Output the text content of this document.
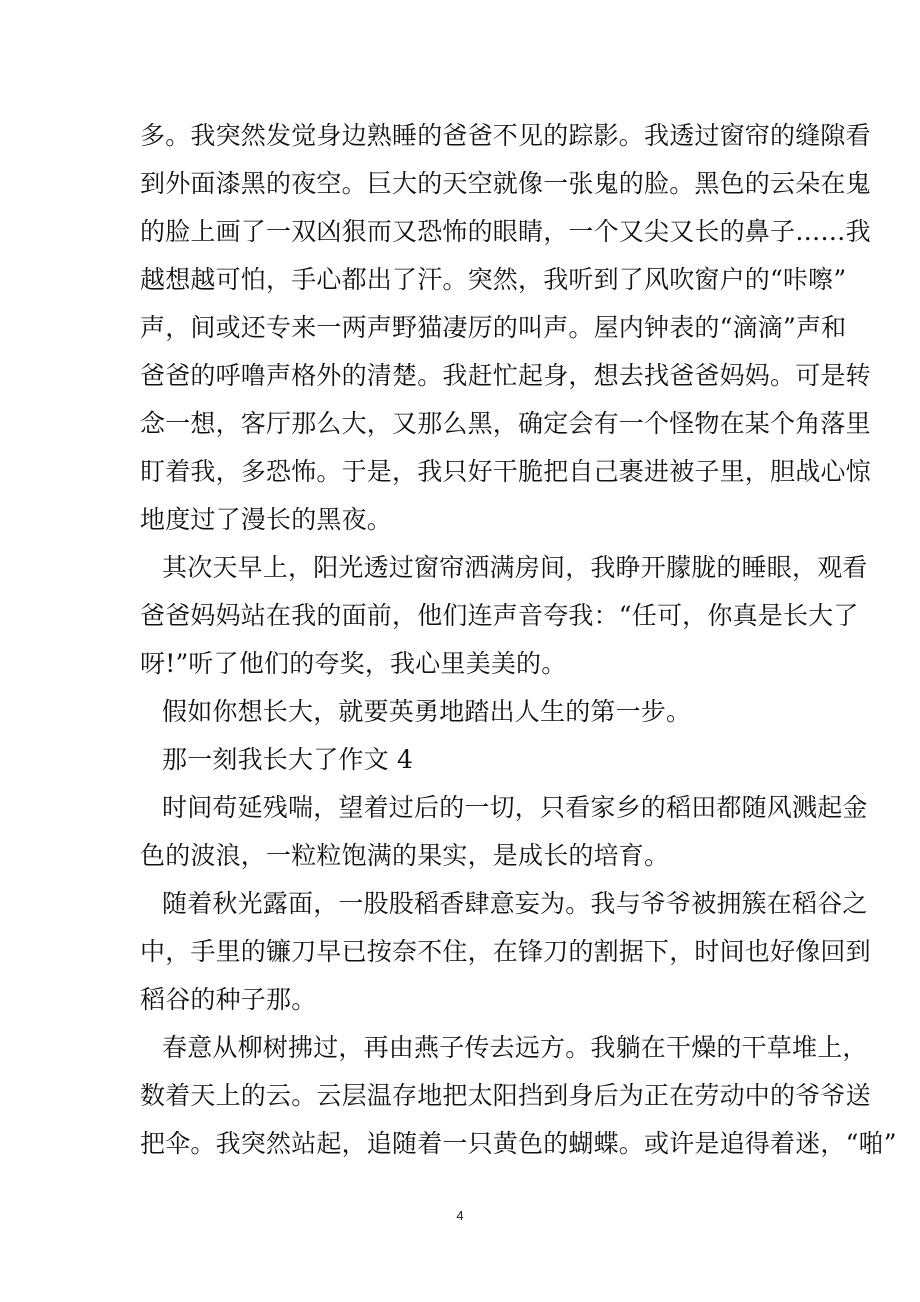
多。我突然发觉身边熟睡的爸爸不见的踪影。我透过窗帘的缝隙看
到外面漆黑的夜空。巨大的天空就像一张鬼的脸。黑色的云朵在鬼
的脸上画了一双凶狠而又恐怖的眼睛，一个又尖又长的鼻子……我
越想越可怕，手心都出了汗。突然，我听到了风吹窗户的“咔嚓”
声，间或还专来一两声野猫凄厉的叫声。屋内钟表的“滴滴”声和
爸爸的呼噜声格外的清楚。我赶忙起身，想去找爸爸妈妈。可是转
念一想，客厅那么大，又那么黑，确定会有一个怪物在某个角落里
盯着我，多恐怖。于是，我只好干脆把自己裹进被子里，胆战心惊
地度过了漫长的黑夜。
其次天早上，阳光透过窗帘洒满房间，我睁开朦胧的睡眼，观看
爸爸妈妈站在我的面前，他们连声音夸我：“任可，你真是长大了
呀!”听了他们的夸奖，我心里美美的。
假如你想长大，就要英勇地踏出人生的第一步。
那一刻我长大了作文 4
时间苟延残喘，望着过后的一切，只看家乡的稻田都随风溅起金
色的波浪，一粒粒饱满的果实，是成长的培育。
随着秋光露面，一股股稻香肆意妄为。我与爷爷被拥簇在稻谷之
中，手里的镰刀早已按奈不住，在锋刀的割据下，时间也好像回到
稻谷的种子那。
春意从柳树拂过，再由燕子传去远方。我躺在干燥的干草堆上，
数着天上的云。云层温存地把太阳挡到身后为正在劳动中的爷爷送
把伞。我突然站起，追随着一只黄色的蝴蝶。或许是追得着迷，“啪”
4
